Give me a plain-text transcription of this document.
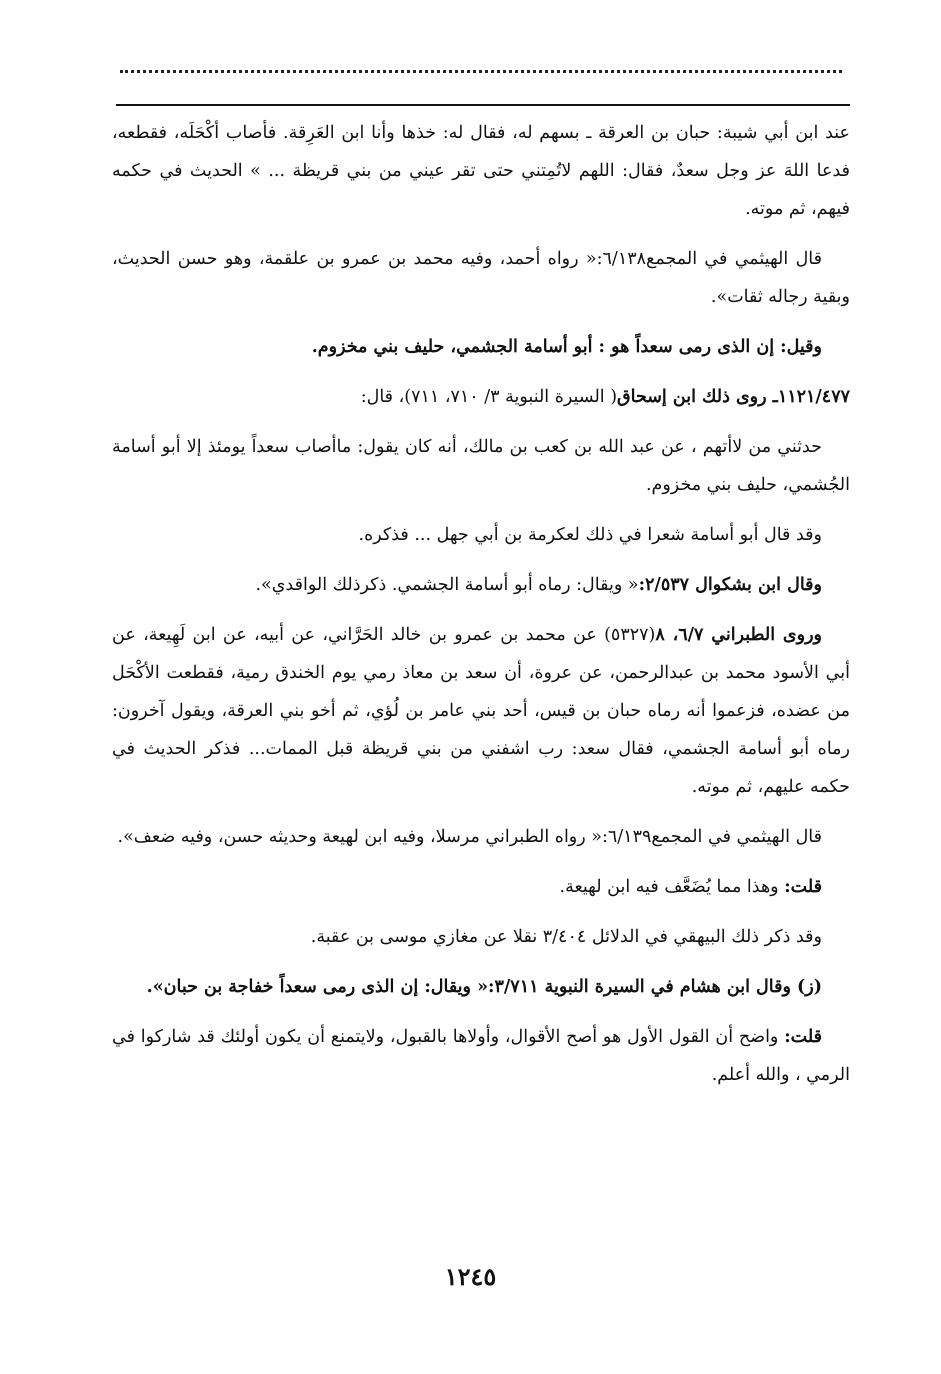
عند ابن أبي شيبة: حبان بن العرقة ـ بسهم له، فقال له: خذها وأنا ابن العَرِقة. فأصاب أكْحَلَه، فقطعه، فدعا اللهَ عز وجل سعدٌ، فقال: اللهم لاتُمِتني حتى تقر عيني من بني قريظة ... » الحديث في حكمه فيهم، ثم موته.

قال الهيثمي في المجمع٦/١٣٨:« رواه أحمد، وفيه محمد بن عمرو بن علقمة، وهو حسن الحديث، وبقية رجاله ثقات».

وقيل: إن الذى رمى سعداً هو : أبو أسامة الجشمي، حليف بني مخزوم.

١١٢١/٤٧٧ـ روى ذلك ابن إسحاق( السيرة النبوية ٣/ ٧١٠، ٧١١)، قال:

حدثني من لاأتهم ، عن عبد الله بن كعب بن مالك، أنه كان يقول: ماأصاب سعداً يومئذ إلا أبو أسامة الجُشمي، حليف بني مخزوم.

وقد قال أبو أسامة شعرا في ذلك لعكرمة بن أبي جهل ... فذكره.

وقال ابن بشكوال ٢/٥٣٧:« ويقال: رماه أبو أسامة الجشمي. ذكرذلك الواقدي».

وروى الطبراني ٦/٧، ٨(٥٣٢٧) عن محمد بن عمرو بن خالد الحَرَّاني، عن أبيه، عن ابن لَهِيعة، عن أبي الأسود محمد بن عبدالرحمن، عن عروة، أن سعد بن معاذ رمي يوم الخندق رمية، فقطعت الأكْحَل من عضده، فزعموا أنه رماه حبان بن قيس، أحد بني عامر بن لُؤي، ثم أخو بني العرقة، ويقول آخرون: رماه أبو أسامة الجشمي، فقال سعد: رب اشفني من بني قريظة قبل الممات... فذكر الحديث في حكمه عليهم، ثم موته.

قال الهيثمي في المجمع٦/١٣٩:« رواه الطبراني مرسلا، وفيه ابن لهيعة وحديثه حسن، وفيه ضعف».

قلت: وهذا مما يُضَعَّف فيه ابن لهيعة.

وقد ذكر ذلك البيهقي في الدلائل ٣/٤٠٤ نقلا عن مغازي موسى بن عقبة.

(ز) وقال ابن هشام في السيرة النبوية ٣/٧١١:« ويقال: إن الذى رمى سعداً خفاجة بن حبان».

قلت: واضح أن القول الأول هو أصح الأقوال، وأولاها بالقبول، ولايتمنع أن يكون أولئك قد شاركوا في الرمي ، والله أعلم.

١٢٤٥
